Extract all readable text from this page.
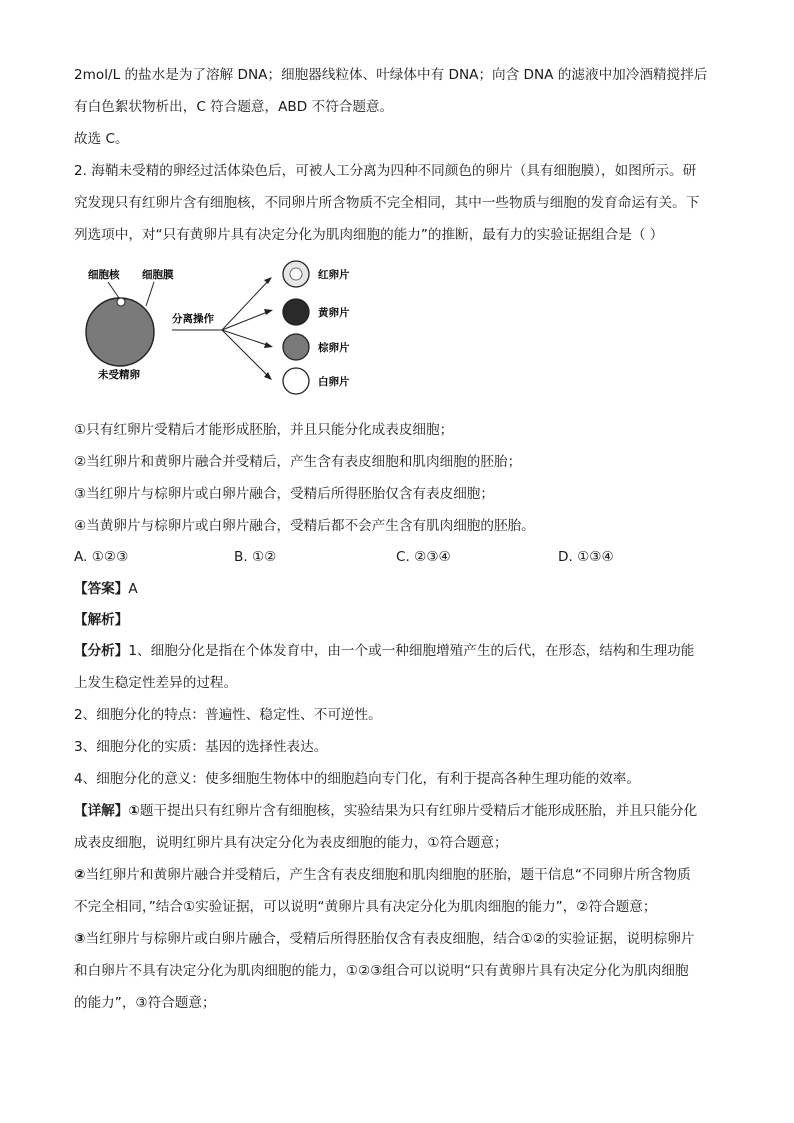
2mol/L 的盐水是为了溶解 DNA；细胞器线粒体、叶绿体中有 DNA；向含 DNA 的滤液中加冷酒精搅拌后
有白色絮状物析出，C 符合题意，ABD 不符合题意。
故选 C。
2. 海鞘未受精的卵经过活体染色后，可被人工分离为四种不同颜色的卵片（具有细胞膜），如图所示。研
究发现只有红卵片含有细胞核，不同卵片所含物质不完全相同，其中一些物质与细胞的发育命运有关。下
列选项中，对“只有黄卵片具有决定分化为肌肉细胞的能力”的推断，最有力的实验证据组合是（ ）
细胞核 细胞膜
未受精卵
分离操作
红卵片
黄卵片
棕卵片
白卵片
①只有红卵片受精后才能形成胚胎，并且只能分化成表皮细胞；
②当红卵片和黄卵片融合并受精后，产生含有表皮细胞和肌肉细胞的胚胎；
③当红卵片与棕卵片或白卵片融合，受精后所得胚胎仅含有表皮细胞；
④当黄卵片与棕卵片或白卵片融合，受精后都不会产生含有肌肉细胞的胚胎。
A. ①②③	B. ①②	C. ②③④	D. ①③④
【答案】A
【解析】
【分析】1、细胞分化是指在个体发育中，由一个或一种细胞增殖产生的后代，在形态，结构和生理功能
上发生稳定性差异的过程。
2、细胞分化的特点：普遍性、稳定性、不可逆性。
3、细胞分化的实质：基因的选择性表达。
4、细胞分化的意义：使多细胞生物体中的细胞趋向专门化，有利于提高各种生理功能的效率。
【详解】①题干提出只有红卵片含有细胞核，实验结果为只有红卵片受精后才能形成胚胎，并且只能分化
成表皮细胞，说明红卵片具有决定分化为表皮细胞的能力，①符合题意；
②当红卵片和黄卵片融合并受精后，产生含有表皮细胞和肌肉细胞的胚胎，题干信息“不同卵片所含物质
不完全相同，”结合①实验证据，可以说明“黄卵片具有决定分化为肌肉细胞的能力”，②符合题意；
③当红卵片与棕卵片或白卵片融合，受精后所得胚胎仅含有表皮细胞，结合①②的实验证据，说明棕卵片
和白卵片不具有决定分化为肌肉细胞的能力，①②③组合可以说明“只有黄卵片具有决定分化为肌肉细胞
的能力”，③符合题意；
